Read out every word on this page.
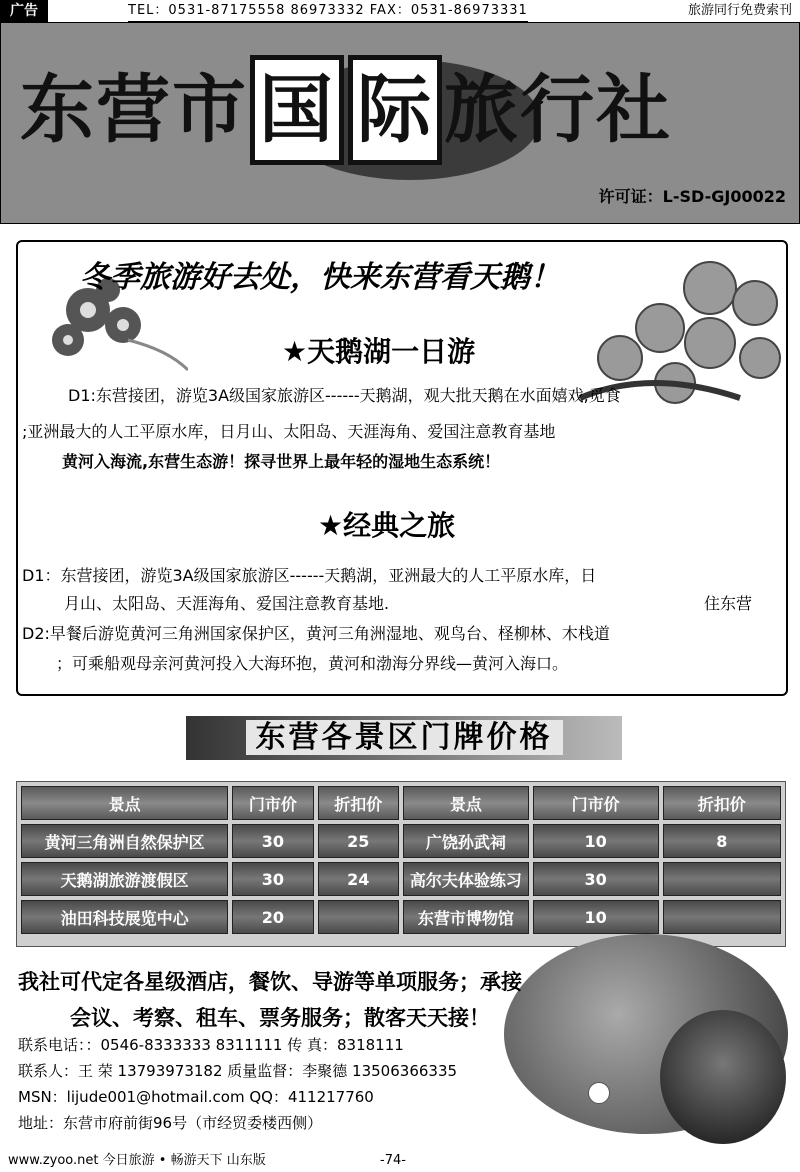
广告	TEL：0531-87175558 86973332 FAX：0531-86973331	旅游同行免费索刊
东营市 国 际 旅行社
许可证：L-SD-GJ00022
冬季旅游好去处，快来东营看天鹅！
★天鹅湖一日游
D1:东营接团，游览3A级国家旅游区------天鹅湖，观大批天鹅在水面嬉戏,觅食
;亚洲最大的人工平原水库，日月山、太阳岛、天涯海角、爱国注意教育基地
黄河入海流,东营生态游！探寻世界上最年轻的湿地生态系统！
★经典之旅
D1：东营接团，游览3A级国家旅游区------天鹅湖，亚洲最大的人工平原水库，日
月山、太阳岛、天涯海角、爱国注意教育基地.	住东营
D2:早餐后游览黄河三角洲国家保护区，黄河三角洲湿地、观鸟台、柽柳林、木栈道
；可乘船观母亲河黄河投入大海环抱，黄河和渤海分界线—黄河入海口。
东营各景区门牌价格
景点	门市价	折扣价	景点	门市价	折扣价
黄河三角洲自然保护区	30	25	广饶孙武祠	10	8
天鹅湖旅游渡假区	30	24	高尔夫体验练习	30	
油田科技展览中心	20		东营市博物馆	10	
我社可代定各星级酒店，餐饮、导游等单项服务；承接
会议、考察、租车、票务服务；散客天天接！
联系电话：：0546-8333333 8311111 传 真：8318111
联系人：王 荣 13793973182 质量监督：李聚德 13506366335
MSN：lijude001@hotmail.com QQ：411217760
地址：东营市府前街96号（市经贸委楼西侧）
www.zyoo.net 今日旅游 • 畅游天下 山东版	-74-
